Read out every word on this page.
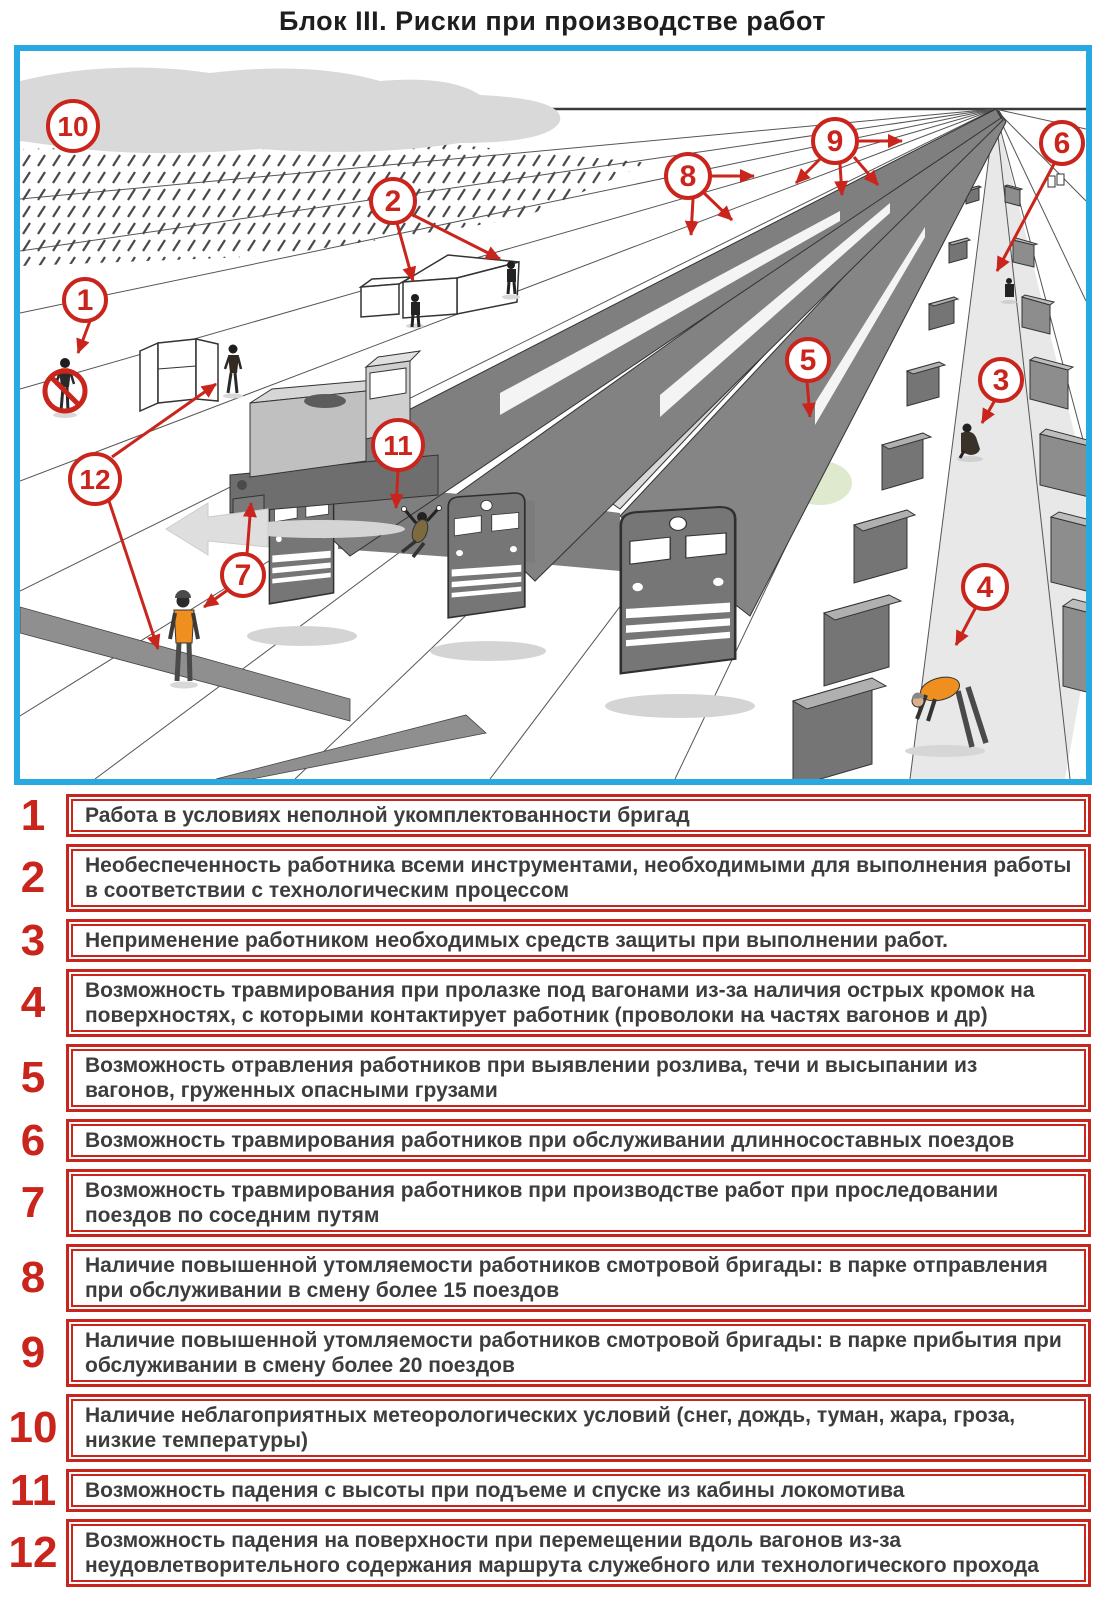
Блок III. Риски при производстве работ
1
2
3
4
5
6
7
8
9
10
11
12
1	Работа в условиях неполной укомплектованности бригад

2	Необеспеченность работника всеми инструментами, необходимыми для выполнения работы в соответствии с технологическим процессом

3	Неприменение работником необходимых средств защиты при выполнении работ.

4	Возможность травмирования при пролазке под вагонами из-за наличия острых кромок на поверхностях, с которыми контактирует работник (проволоки на частях вагонов и др)

5	Возможность отравления работников при выявлении розлива, течи и высыпании из вагонов, груженных опасными грузами

6	Возможность травмирования работников при обслуживании длинносоставных поездов

7	Возможность травмирования работников при производстве работ при проследовании поездов по соседним путям

8	Наличие повышенной утомляемости работников смотровой бригады: в парке отправления при обслуживании в смену более 15 поездов

9	Наличие повышенной утомляемости работников смотровой бригады: в парке прибытия при обслуживании в смену более 20 поездов

10	Наличие неблагоприятных метеорологических условий (снег, дождь, туман, жара, гроза, низкие температуры)

11	Возможность падения с высоты при подъеме и спуске из кабины локомотива

12	Возможность падения на поверхности при перемещении вдоль вагонов из-за неудовлетворительного содержания маршрута служебного или технологического прохода
